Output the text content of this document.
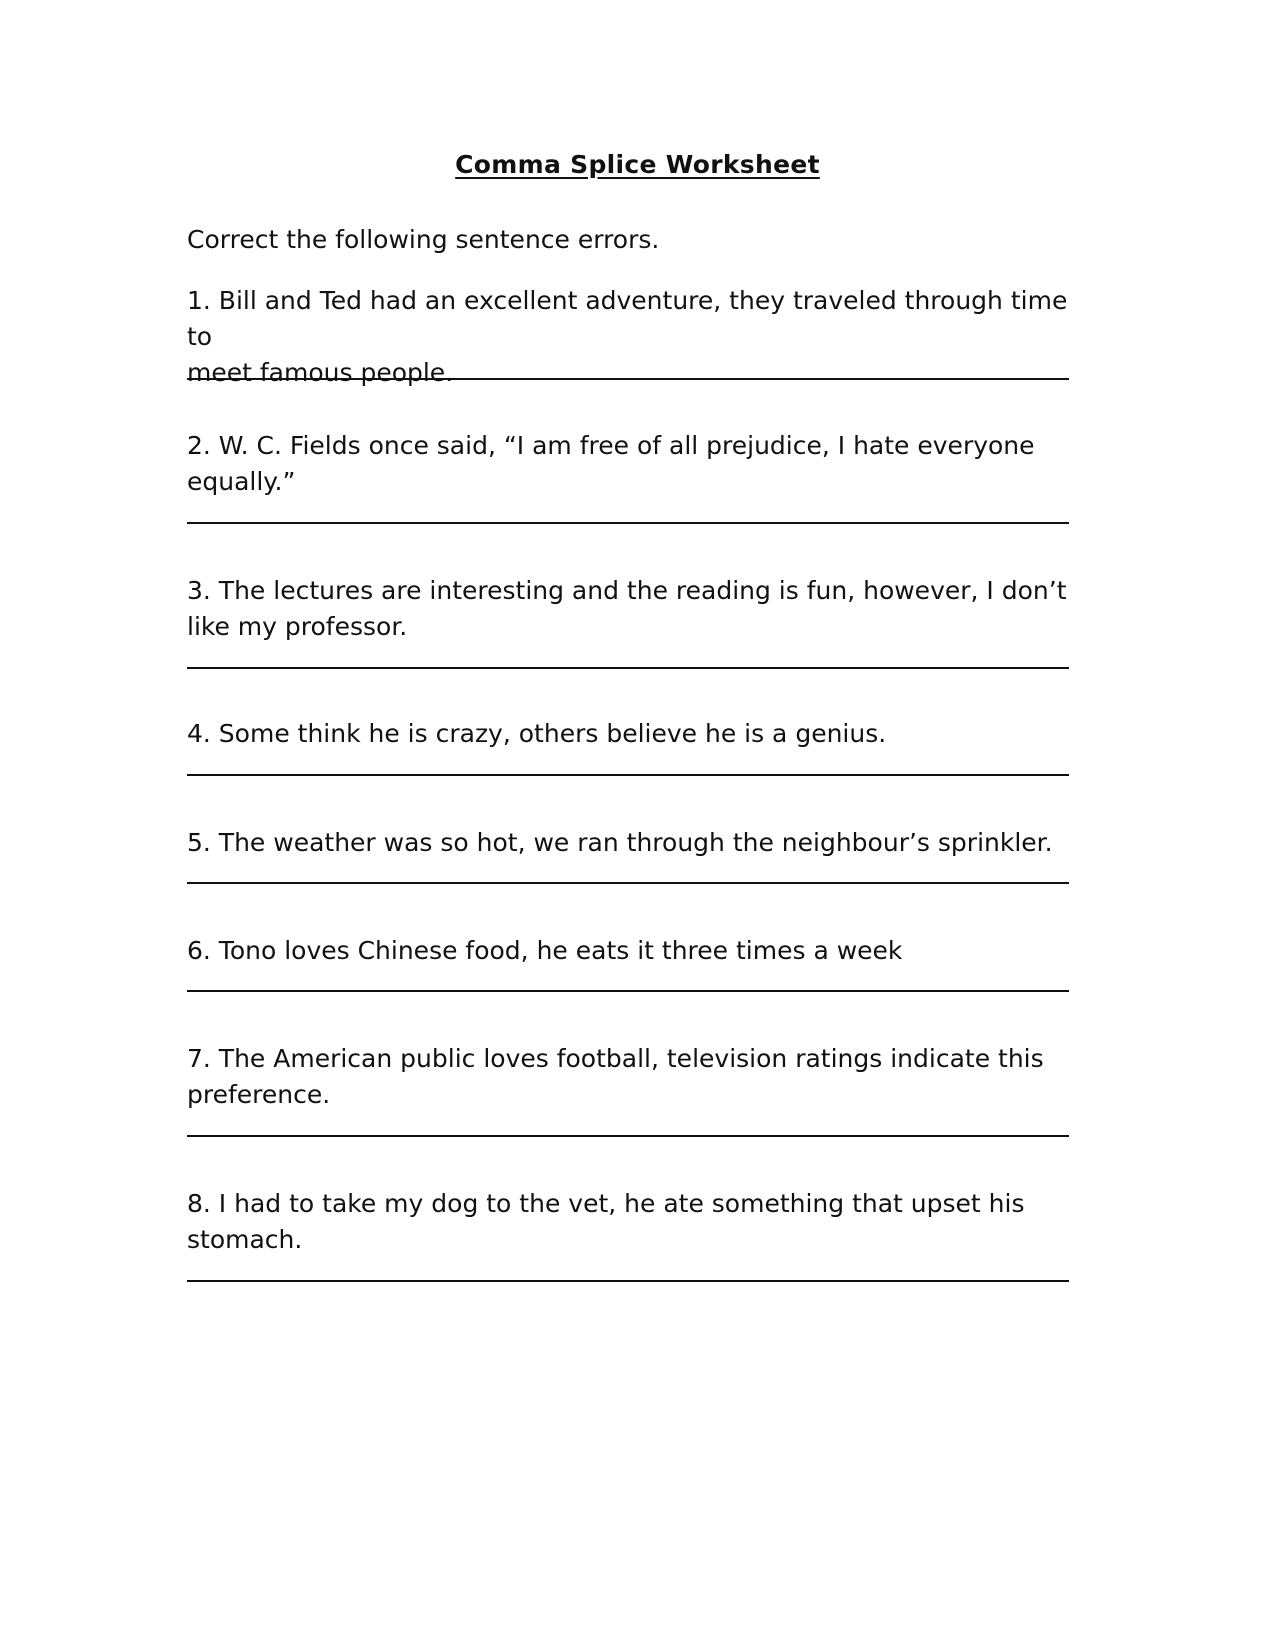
Comma Splice Worksheet
Correct the following sentence errors.

1. Bill and Ted had an excellent adventure, they traveled through time to
meet famous people.

2. W. C. Fields once said, “I am free of all prejudice, I hate everyone
equally.”

3. The lectures are interesting and the reading is fun, however, I don’t
like my professor.

4. Some think he is crazy, others believe he is a genius.

5. The weather was so hot, we ran through the neighbour’s sprinkler.

6. Tono loves Chinese food, he eats it three times a week

7. The American public loves football, television ratings indicate this
preference.

8. I had to take my dog to the vet, he ate something that upset his
stomach.
